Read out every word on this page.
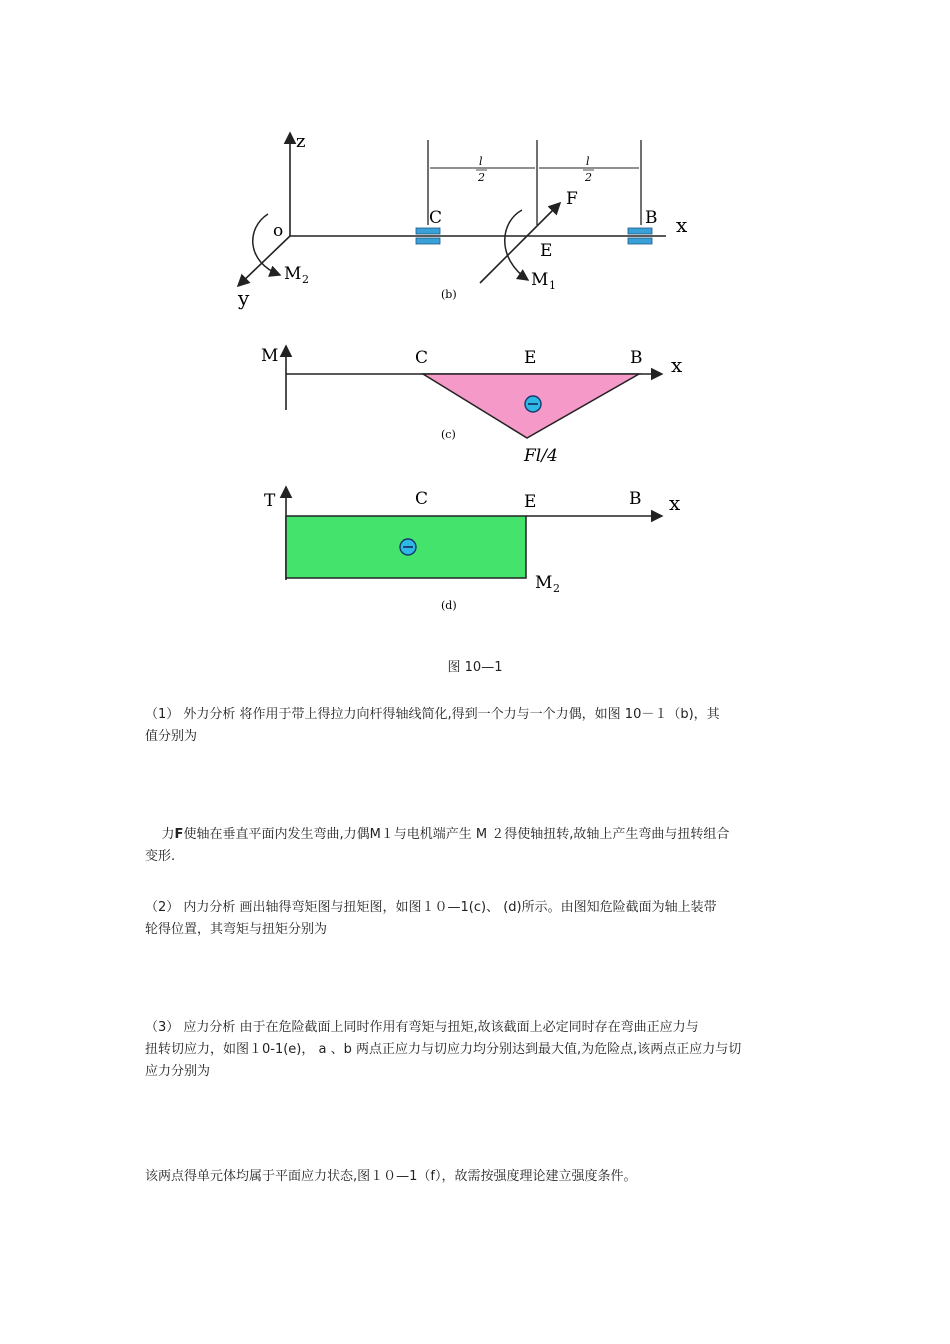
z
x
y
o
l
2
l
2
C	B
E
F
M 1
M 2
(b)
M	x
C	E	B
Fl/4
(c)
T	x
C	E	B
M 2
(d)
图 10—1

（1） 外力分析 将作用于带上得拉力向杆得轴线简化,得到一个力与一个力偶，如图 10－１（b)，其
值分别为

力F使轴在垂直平面内发生弯曲,力偶M１与电机端产生 M ２得使轴扭转,故轴上产生弯曲与扭转组合
变形.

（2） 内力分析 画出轴得弯矩图与扭矩图，如图１０—1(c)、 (d)所示。由图知危险截面为轴上装带
轮得位置，其弯矩与扭矩分别为

（3） 应力分析 由于在危险截面上同时作用有弯矩与扭矩,故该截面上必定同时存在弯曲正应力与
扭转切应力，如图１0-1(e)， a 、b 两点正应力与切应力均分别达到最大值,为危险点,该两点正应力与切
应力分别为

该两点得单元体均属于平面应力状态,图１０—1（f），故需按强度理论建立强度条件。
